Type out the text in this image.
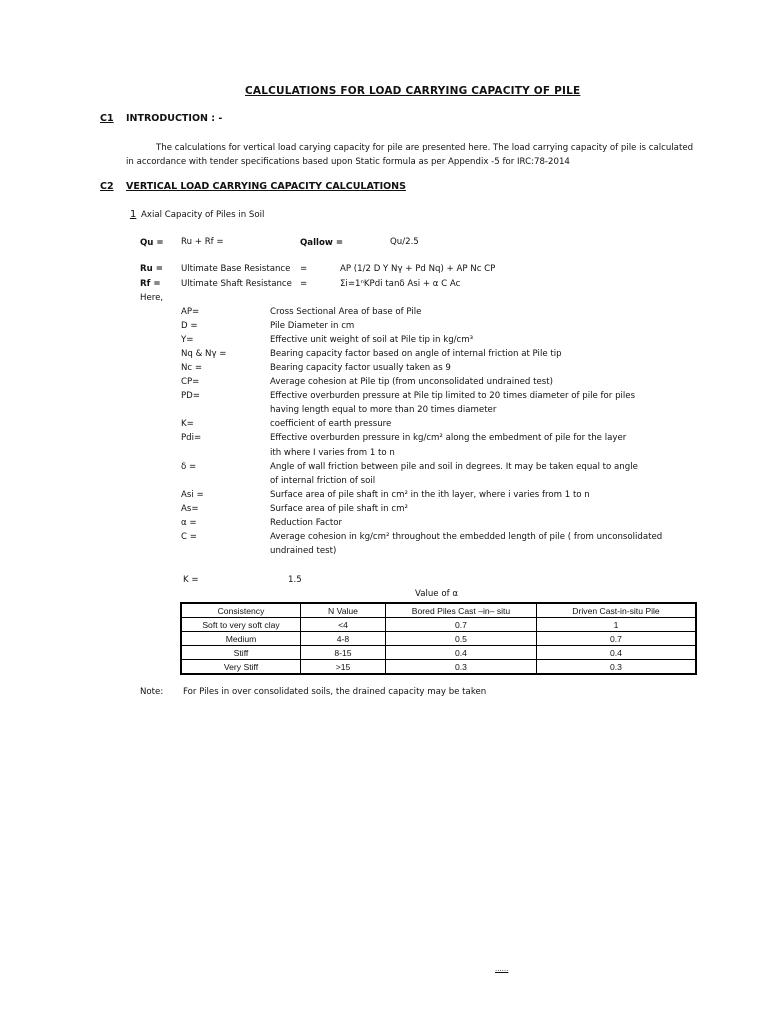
CALCULATIONS FOR LOAD CARRYING CAPACITY OF PILE
C1 INTRODUCTION : -
The calculations for vertical load carying capacity for pile are presented here. The load carrying capacity of pile is calculated in accordance with tender specifications based upon Static formula as per Appendix -5 for IRC:78-2014
C2 VERTICAL LOAD CARRYING CAPACITY CALCULATIONS
1 Axial Capacity of Piles in Soil
Qu = Ru + Rf =	Qallow =	Qu/2.5
Ru = Ultimate Base Resistance =	AP (1/2 D Y Nγ + Pd Nq) + AP Nc CP
Rf = Ultimate Shaft Resistance =	Σi=1ⁿKPdi tanδ Asi + α C Ac
Here,
AP=	Cross Sectional Area of base of Pile
D =	Pile Diameter in cm
Y=	Effective unit weight of soil at Pile tip in kg/cm³
Nq & Nγ =	Bearing capacity factor based on angle of internal friction at Pile tip
Nc =	Bearing capacity factor usually taken as 9
CP=	Average cohesion at Pile tip (from unconsolidated undrained test)
PD=	Effective overburden pressure at Pile tip limited to 20 times diameter of pile for piles
having length equal to more than 20 times diameter
K=	coefficient of earth pressure
Pdi=	Effective overburden pressure in kg/cm² along the embedment of pile for the layer
ith where I varies from 1 to n
δ =	Angle of wall friction between pile and soil in degrees. It may be taken equal to angle
of internal friction of soil
Asi =	Surface area of pile shaft in cm² in the ith layer, where i varies from 1 to n
As=	Surface area of pile shaft in cm²
α =	Reduction Factor
C =	Average cohesion in kg/cm² throughout the embedded length of pile ( from unconsolidated
undrained test)
K =	1.5
Value of α
Consistency	N Value	Bored Piles Cast –in– situ	Driven Cast-in-situ Pile
Soft to very soft clay	<4	0.7	1
Medium	4-8	0.5	0.7
Stiff	8-15	0.4	0.4
Very Stiff	>15	0.3	0.3
Note: For Piles in over consolidated soils, the drained capacity may be taken
......
